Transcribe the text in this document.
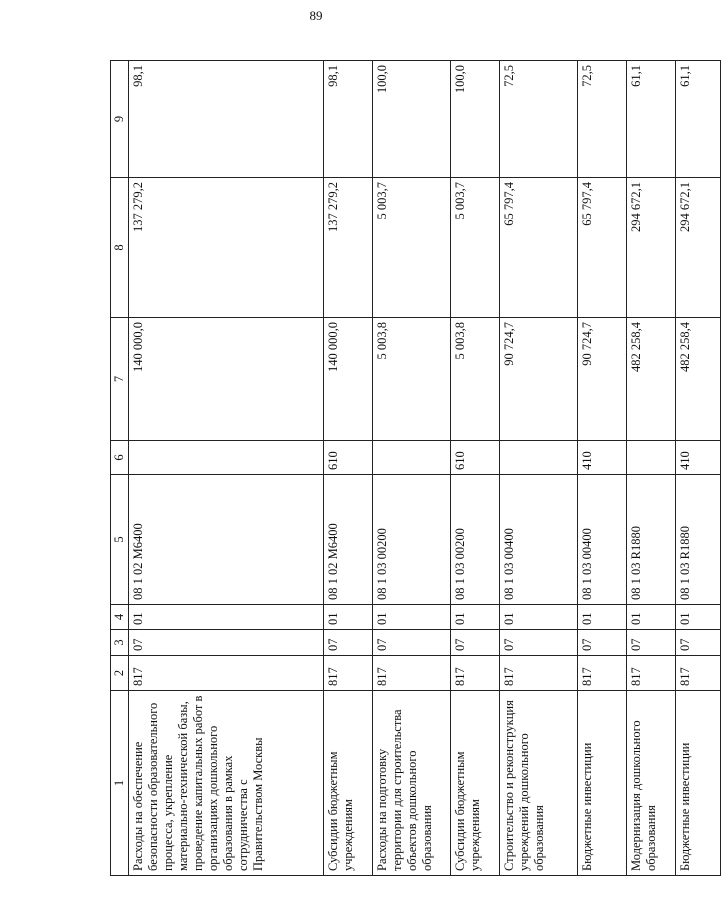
89
1	2	3	4	5	6	7	8	9
Расходы на обеспечение безопасности образовательного процесса, укрепление материально-технической базы, проведение капитальных работ в организациях дошкольного образования в рамках сотрудничества с Правительством Москвы	817	07	01	08 1 02 М6400		140 000,0	137 279,2	98,1
Субсидии бюджетным учреждениям	817	07	01	08 1 02 М6400	610	140 000,0	137 279,2	98,1
Расходы на подготовку территории для строительства объектов дошкольного образования	817	07	01	08 1 03 00200		5 003,8	5 003,7	100,0
Субсидии бюджетным учреждениям	817	07	01	08 1 03 00200	610	5 003,8	5 003,7	100,0
Строительство и реконструкция учреждений дошкольного образования	817	07	01	08 1 03 00400		90 724,7	65 797,4	72,5
Бюджетные инвестиции	817	07	01	08 1 03 00400	410	90 724,7	65 797,4	72,5
Модернизация дошкольного образования	817	07	01	08 1 03 R1880		482 258,4	294 672,1	61,1
Бюджетные инвестиции	817	07	01	08 1 03 R1880	410	482 258,4	294 672,1	61,1
